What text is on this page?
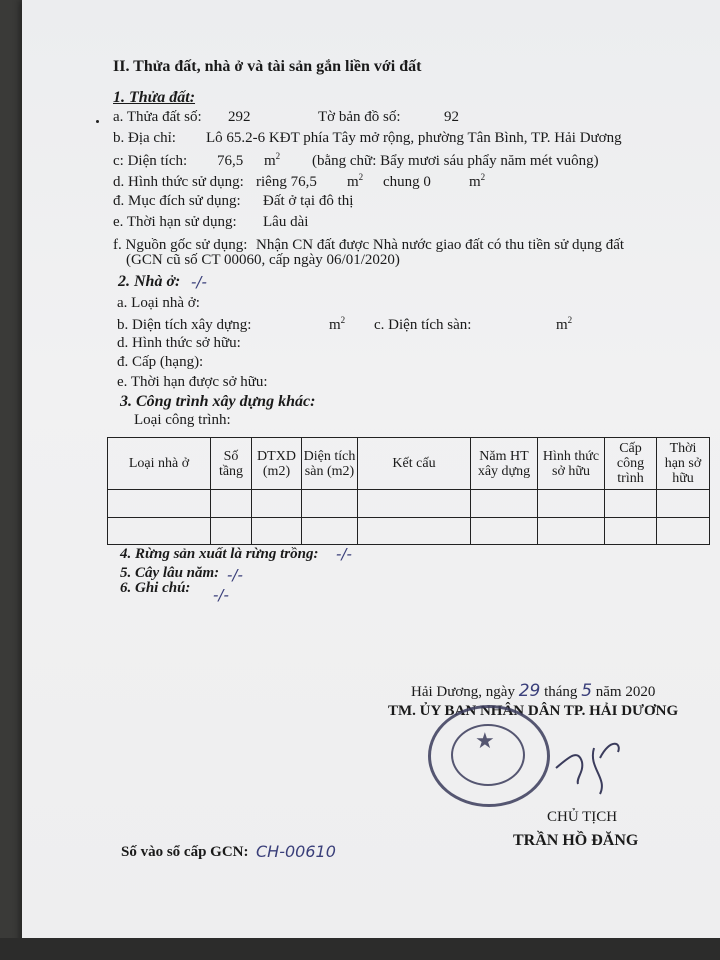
II. Thửa đất, nhà ở và tài sản gắn liền với đất
1. Thửa đất:
a. Thửa đất số: 292	Tờ bản đồ số:	92
b. Địa chỉ: Lô 65.2-6 KĐT phía Tây mở rộng, phường Tân Bình, TP. Hải Dương
c: Diện tích: 76,5 $m^2$ (bằng chữ: Bẩy mươi sáu phẩy năm mét vuông)
d. Hình thức sử dụng: riêng 76,5 $m^2$ chung 0	$m^2$
đ. Mục đích sử dụng: Đất ở tại đô thị
e. Thời hạn sử dụng: Lâu dài
f. Nguồn gốc sử dụng: Nhận CN đất được Nhà nước giao đất có thu tiền sử dụng đất
(GCN cũ số CT 00060, cấp ngày 06/01/2020)
2. Nhà ở: -/-
a. Loại nhà ở:
b. Diện tích xây dựng:	$m^2$ c. Diện tích sàn:	$m^2$
d. Hình thức sở hữu:
đ. Cấp (hạng):
e. Thời hạn được sở hữu:
3. Công trình xây dựng khác:
Loại công trình:
Loại nhà ở	Số tầng	DTXD (m2)	Diện tích sàn (m2)	Kết cấu	Năm HT xây dựng	Hình thức sở hữu	Cấp công trình	Thời hạn sở hữu

4. Rừng sản xuất là rừng trồng: -/-
5. Cây lâu năm: -/-
6. Ghi chú: -/-
Hải Dương, ngày 29 tháng 5 năm 2020
TM. ỦY BAN NHÂN DÂN TP. HẢI DƯƠNG
★
CHỦ TỊCH
TRẦN HỒ ĐĂNG
Số vào sổ cấp GCN: CH-00610
